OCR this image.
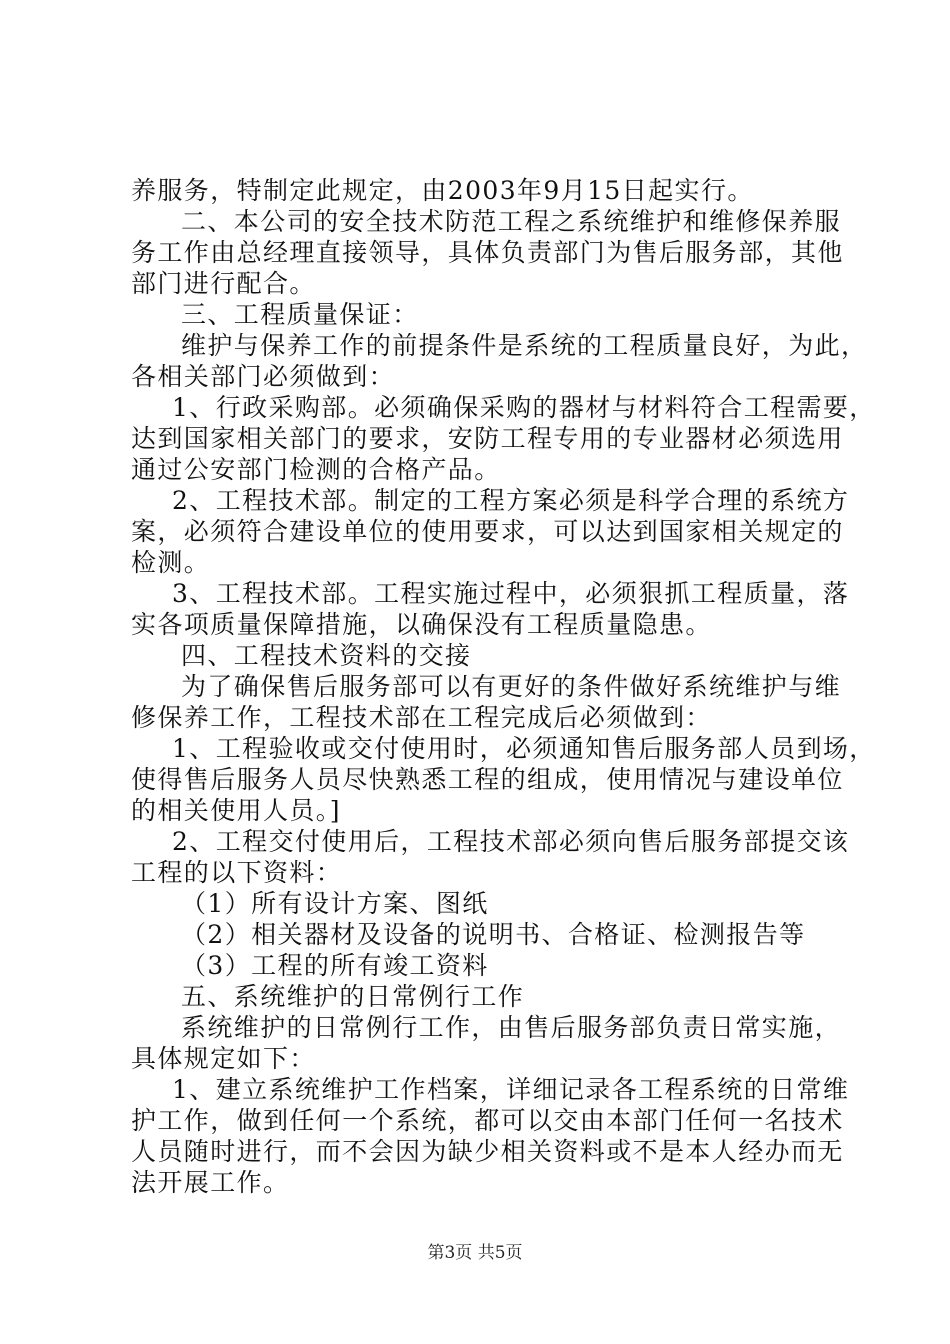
养服务，特制定此规定，由2003年9月15日起实行。
二、本公司的安全技术防范工程之系统维护和维修保养服
务工作由总经理直接领导，具体负责部门为售后服务部，其他
部门进行配合。
三、工程质量保证：
维护与保养工作的前提条件是系统的工程质量良好，为此，
各相关部门必须做到：
1、行政采购部。必须确保采购的器材与材料符合工程需要，
达到国家相关部门的要求，安防工程专用的专业器材必须选用
通过公安部门检测的合格产品。
2、工程技术部。制定的工程方案必须是科学合理的系统方
案，必须符合建设单位的使用要求，可以达到国家相关规定的
检测。
3、工程技术部。工程实施过程中，必须狠抓工程质量，落
实各项质量保障措施，以确保没有工程质量隐患。
四、工程技术资料的交接
为了确保售后服务部可以有更好的条件做好系统维护与维
修保养工作，工程技术部在工程完成后必须做到：
1、工程验收或交付使用时，必须通知售后服务部人员到场，
使得售后服务人员尽快熟悉工程的组成，使用情况与建设单位
的相关使用人员。]
2、工程交付使用后，工程技术部必须向售后服务部提交该
工程的以下资料：
（1）所有设计方案、图纸
（2）相关器材及设备的说明书、合格证、检测报告等
（3）工程的所有竣工资料
五、系统维护的日常例行工作
系统维护的日常例行工作，由售后服务部负责日常实施，
具体规定如下：
1、建立系统维护工作档案，详细记录各工程系统的日常维
护工作，做到任何一个系统，都可以交由本部门任何一名技术
人员随时进行，而不会因为缺少相关资料或不是本人经办而无
法开展工作。
第3页 共5页
